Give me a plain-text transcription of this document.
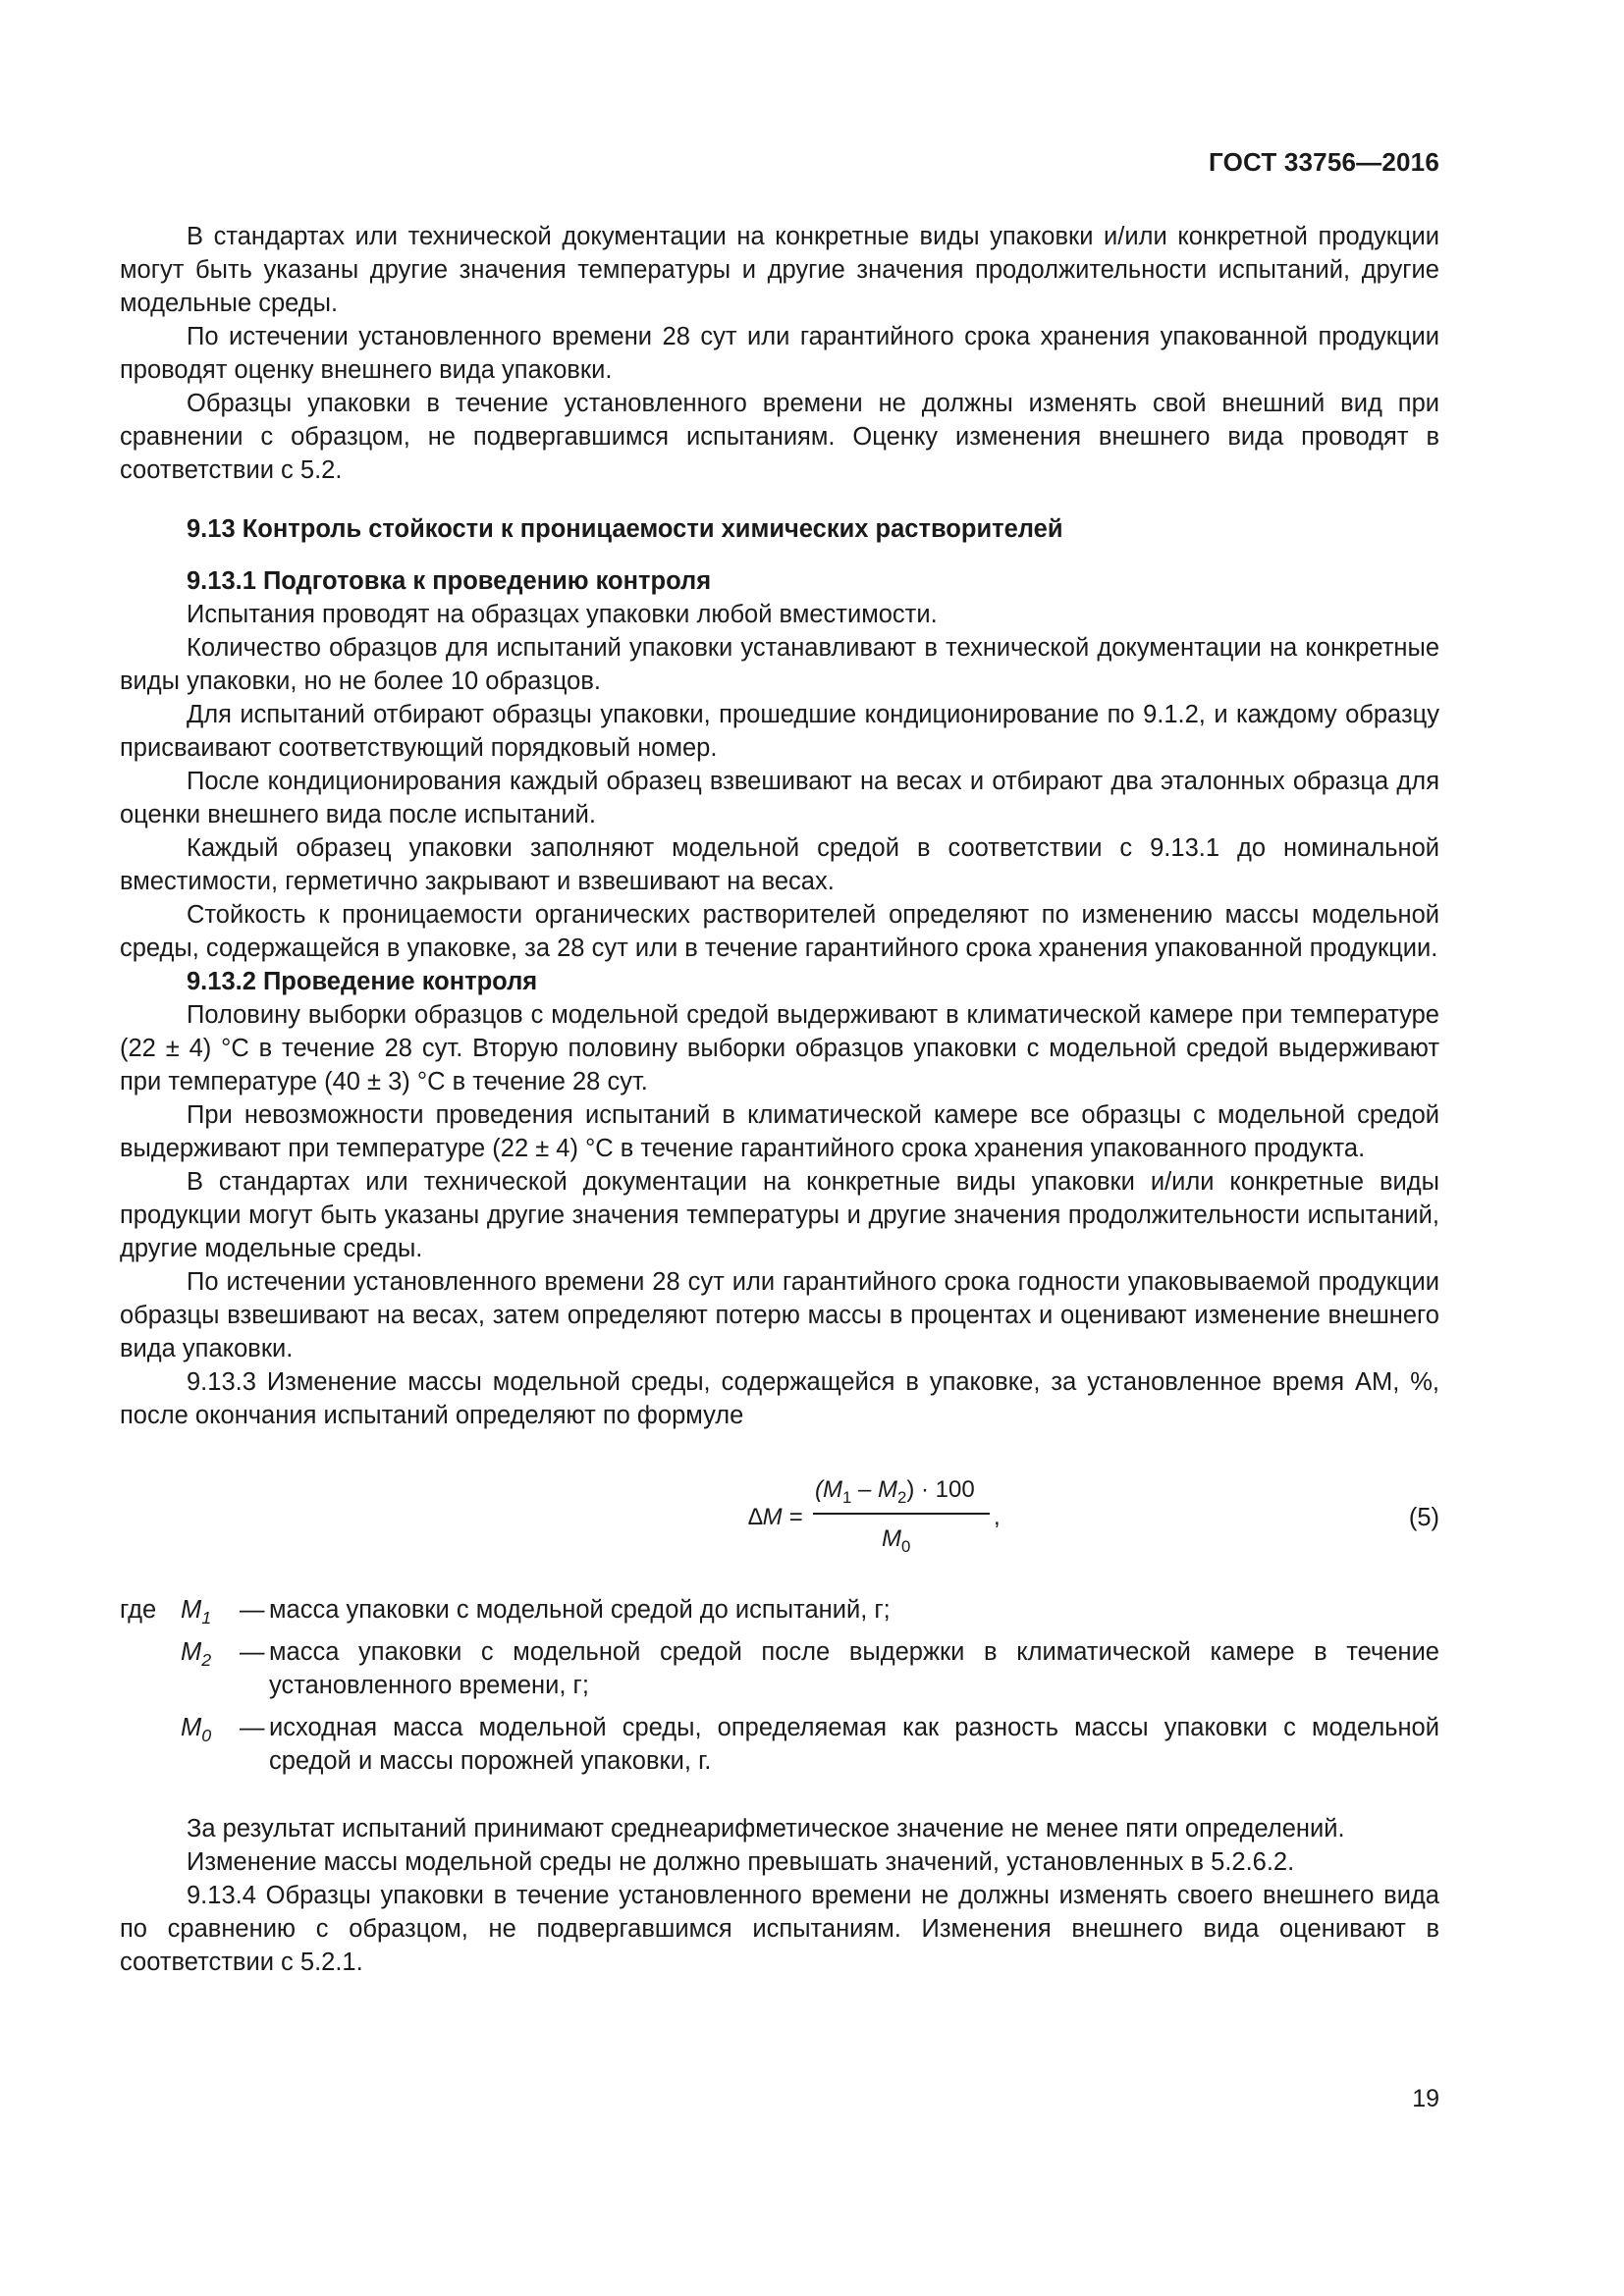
ГОСТ 33756—2016

В стандартах или технической документации на конкретные виды упаковки и/или конкретной продукции могут быть указаны другие значения температуры и другие значения продолжительности испытаний, другие модельные среды.

По истечении установленного времени 28 сут или гарантийного срока хранения упакованной продукции проводят оценку внешнего вида упаковки.

Образцы упаковки в течение установленного времени не должны изменять свой внешний вид при сравнении с образцом, не подвергавшимся испытаниям. Оценку изменения внешнего вида проводят в соответствии с 5.2.

9.13 Контроль стойкости к проницаемости химических растворителей

9.13.1 Подготовка к проведению контроля

Испытания проводят на образцах упаковки любой вместимости.

Количество образцов для испытаний упаковки устанавливают в технической документации на конкретные виды упаковки, но не более 10 образцов.

Для испытаний отбирают образцы упаковки, прошедшие кондиционирование по 9.1.2, и каждому образцу присваивают соответствующий порядковый номер.

После кондиционирования каждый образец взвешивают на весах и отбирают два эталонных образца для оценки внешнего вида после испытаний.

Каждый образец упаковки заполняют модельной средой в соответствии с 9.13.1 до номинальной вместимости, герметично закрывают и взвешивают на весах.

Стойкость к проницаемости органических растворителей определяют по изменению массы модельной среды, содержащейся в упаковке, за 28 сут или в течение гарантийного срока хранения упакованной продукции.

9.13.2 Проведение контроля

Половину выборки образцов с модельной средой выдерживают в климатической камере при температуре (22 ± 4) °С в течение 28 сут. Вторую половину выборки образцов упаковки с модельной средой выдерживают при температуре (40 ± 3) °С в течение 28 сут.

При невозможности проведения испытаний в климатической камере все образцы с модельной средой выдерживают при температуре (22 ± 4) °С в течение гарантийного срока хранения упакованного продукта.

В стандартах или технической документации на конкретные виды упаковки и/или конкретные виды продукции могут быть указаны другие значения температуры и другие значения продолжительности испытаний, другие модельные среды.

По истечении установленного времени 28 сут или гарантийного срока годности упаковываемой продукции образцы взвешивают на весах, затем определяют потерю массы в процентах и оценивают изменение внешнего вида упаковки.

9.13.3 Изменение массы модельной среды, содержащейся в упаковке, за установленное время АМ, %, после окончания испытаний определяют по формуле

∆M =
$(M_1 - M_2) \cdot 100$
$M_0$
,	(5)
где $M_1$	— масса упаковки с модельной средой до испытаний, г;
$M_2$	— масса упаковки с модельной средой после выдержки в климатической камере в течение установленного времени, г;
$M_0$	— исходная масса модельной среды, определяемая как разность массы упаковки с модельной средой и массы порожней упаковки, г.

За результат испытаний принимают среднеарифметическое значение не менее пяти определений.

Изменение массы модельной среды не должно превышать значений, установленных в 5.2.6.2.

9.13.4 Образцы упаковки в течение установленного времени не должны изменять своего внешнего вида по сравнению с образцом, не подвергавшимся испытаниям. Изменения внешнего вида оценивают в соответствии с 5.2.1.

19
